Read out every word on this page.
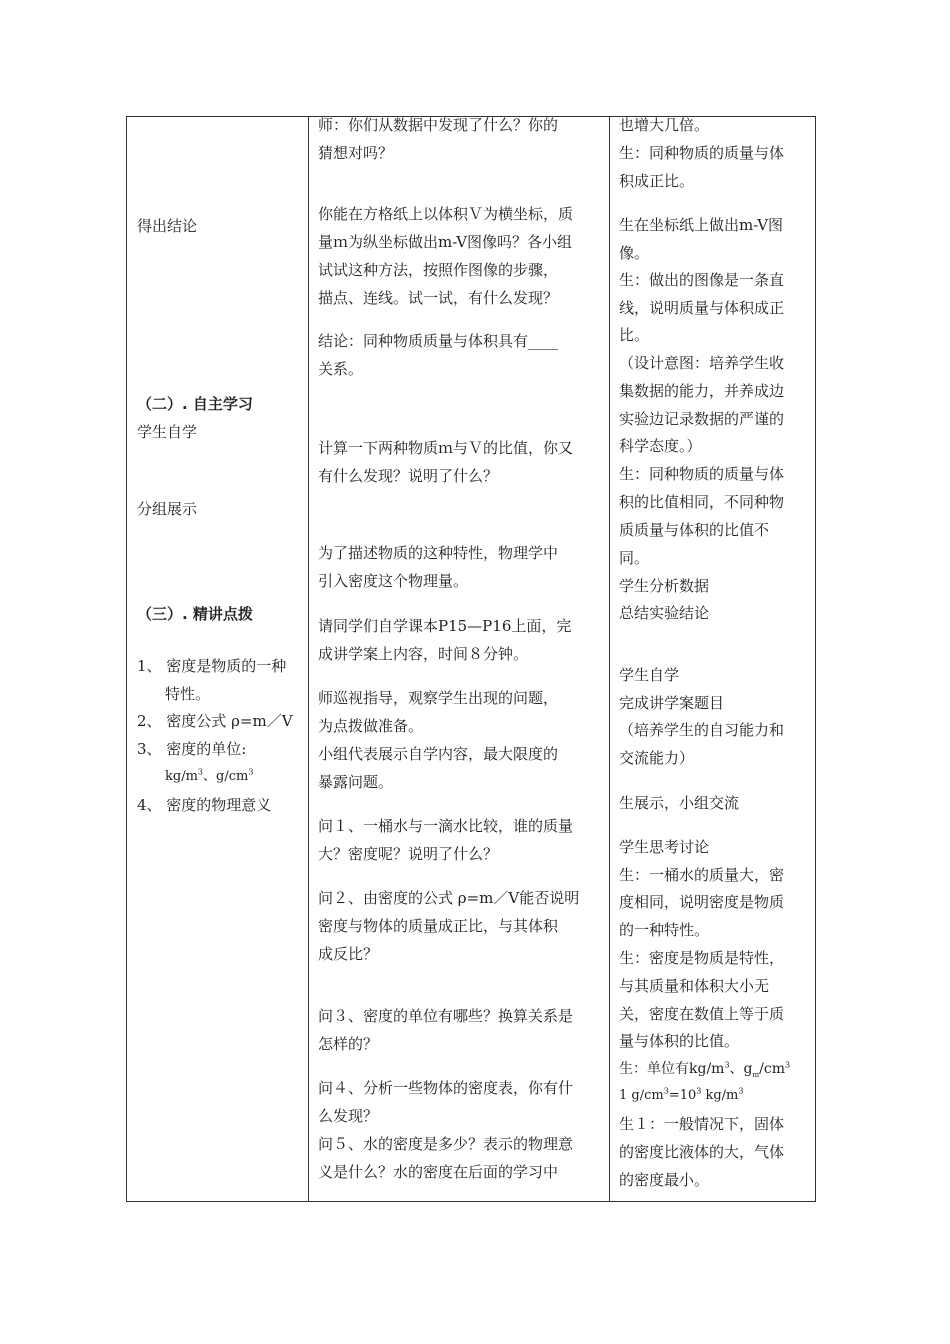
得出结论
（二）. 自主学习
学生自学
分组展示
（三）. 精讲点拨
1、 密度是物质的一种
特性。
2、 密度公式 ρ=m／V
3、 密度的单位:
$kg/m^3$、$g/cm^3$
4、 密度的物理意义
师：你们从数据中发现了什么？你的
猜想对吗？
你能在方格纸上以体积Ｖ为横坐标，质
量ｍ为纵坐标做出m-V图像吗？各小组
试试这种方法，按照作图像的步骤，
描点、连线。试一试，有什么发现？
结论：同种物质质量与体积具有____
关系。
计算一下两种物质ｍ与Ｖ的比值，你又
有什么发现？说明了什么？
为了描述物质的这种特性，物理学中
引入密度这个物理量。
请同学们自学课本P15—P16上面，完
成讲学案上内容，时间８分钟。
师巡视指导，观察学生出现的问题，
为点拨做准备。
小组代表展示自学内容，最大限度的
暴露问题。
问１、一桶水与一滴水比较，谁的质量
大？密度呢？说明了什么？
问２、由密度的公式 ρ=m／V能否说明
密度与物体的质量成正比，与其体积
成反比？
问３、密度的单位有哪些？换算关系是
怎样的？
问４、分析一些物体的密度表，你有什
么发现？
问５、水的密度是多少？表示的物理意
义是什么？水的密度在后面的学习中
也增大几倍。
生：同种物质的质量与体
积成正比。
生在坐标纸上做出m-V图
像。
生：做出的图像是一条直
线，说明质量与体积成正
比。
（设计意图：培养学生收
集数据的能力，并养成边
实验边记录数据的严谨的
科学态度。）
生：同种物质的质量与体
积的比值相同，不同种物
质质量与体积的比值不
同。
学生分析数据
总结实验结论
学生自学
完成讲学案题目
（培养学生的自习能力和
交流能力）
生展示，小组交流
学生思考讨论
生：一桶水的质量大，密
度相同，说明密度是物质
的一种特性。
生：密度是物质是特性，
与其质量和体积大小无
关，密度在数值上等于质
量与体积的比值。
生：单位有$kg/m^3$、$g_m/cm^3$
1 $g/cm^3=10^3$ $kg/m^3$
生１：一般情况下，固体
的密度比液体的大，气体
的密度最小。
